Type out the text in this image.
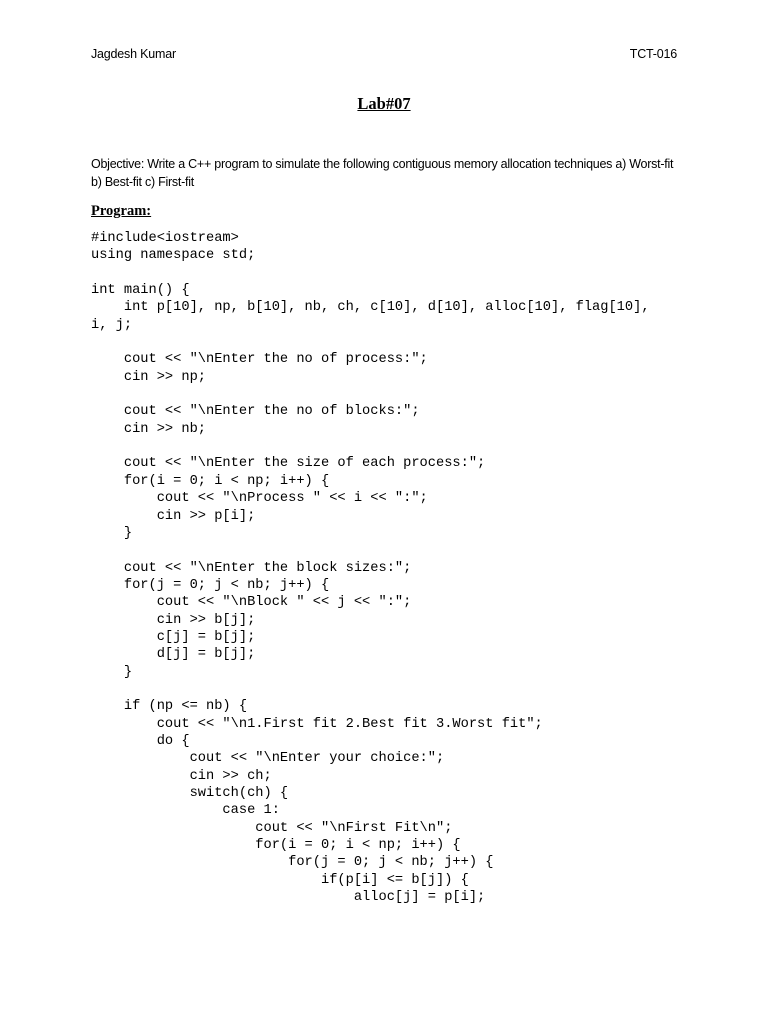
Jagdesh Kumar	TCT-016
Lab#07
Objective: Write a C++ program to simulate the following contiguous memory allocation techniques a) Worst-fit b) Best-fit c) First-fit
Program:
#include<iostream>
using namespace std;

int main() {
int p[10], np, b[10], nb, ch, c[10], d[10], alloc[10], flag[10],
i, j;

cout << "\nEnter the no of process:";
cin >> np;

cout << "\nEnter the no of blocks:";
cin >> nb;

cout << "\nEnter the size of each process:";
for(i = 0; i < np; i++) {
cout << "\nProcess " << i << ":";
cin >> p[i];
}

cout << "\nEnter the block sizes:";
for(j = 0; j < nb; j++) {
cout << "\nBlock " << j << ":";
cin >> b[j];
c[j] = b[j];
d[j] = b[j];
}

if (np <= nb) {
cout << "\n1.First fit 2.Best fit 3.Worst fit";
do {
cout << "\nEnter your choice:";
cin >> ch;
switch(ch) {
case 1:
cout << "\nFirst Fit\n";
for(i = 0; i < np; i++) {
for(j = 0; j < nb; j++) {
if(p[i] <= b[j]) {
alloc[j] = p[i];
